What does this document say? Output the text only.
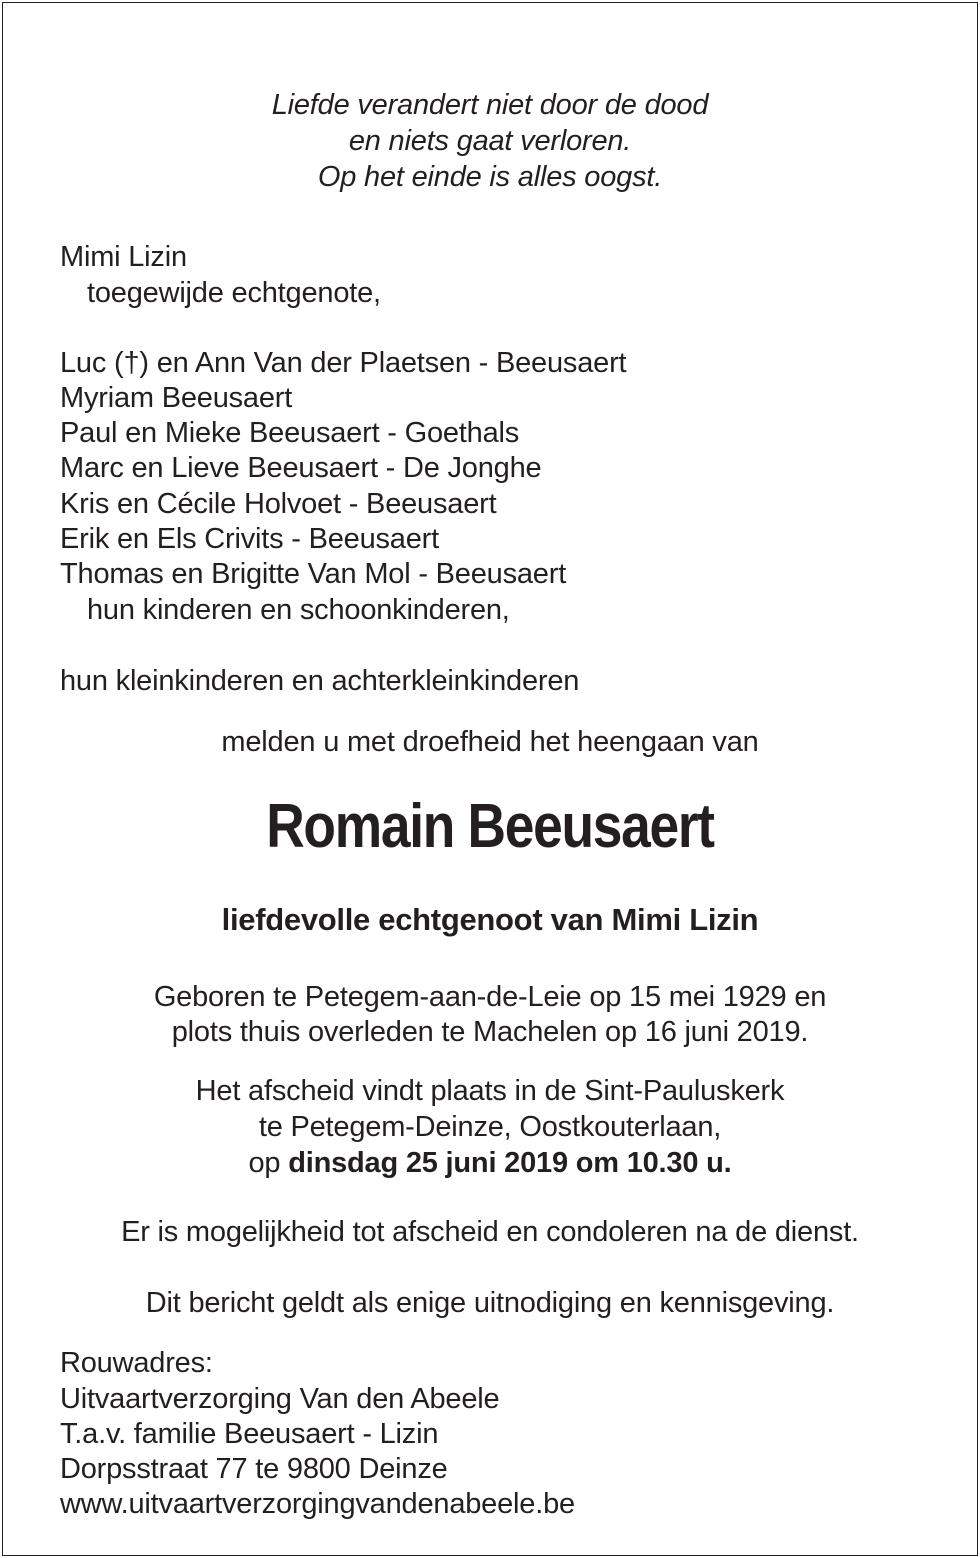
Liefde verandert niet door de dood
en niets gaat verloren.
Op het einde is alles oogst.
Mimi Lizin
toegewijde echtgenote,
Luc (†) en Ann Van der Plaetsen - Beeusaert
Myriam Beeusaert
Paul en Mieke Beeusaert - Goethals
Marc en Lieve Beeusaert - De Jonghe
Kris en Cécile Holvoet - Beeusaert
Erik en Els Crivits - Beeusaert
Thomas en Brigitte Van Mol - Beeusaert
hun kinderen en schoonkinderen,
hun kleinkinderen en achterkleinkinderen
melden u met droefheid het heengaan van
Romain Beeusaert
liefdevolle echtgenoot van Mimi Lizin
Geboren te Petegem-aan-de-Leie op 15 mei 1929 en
plots thuis overleden te Machelen op 16 juni 2019.
Het afscheid vindt plaats in de Sint-Pauluskerk
te Petegem-Deinze, Oostkouterlaan,
op dinsdag 25 juni 2019 om 10.30 u.
Er is mogelijkheid tot afscheid en condoleren na de dienst.
Dit bericht geldt als enige uitnodiging en kennisgeving.
Rouwadres:
Uitvaartverzorging Van den Abeele
T.a.v. familie Beeusaert - Lizin
Dorpsstraat 77 te 9800 Deinze
www.uitvaartverzorgingvandenabeele.be
